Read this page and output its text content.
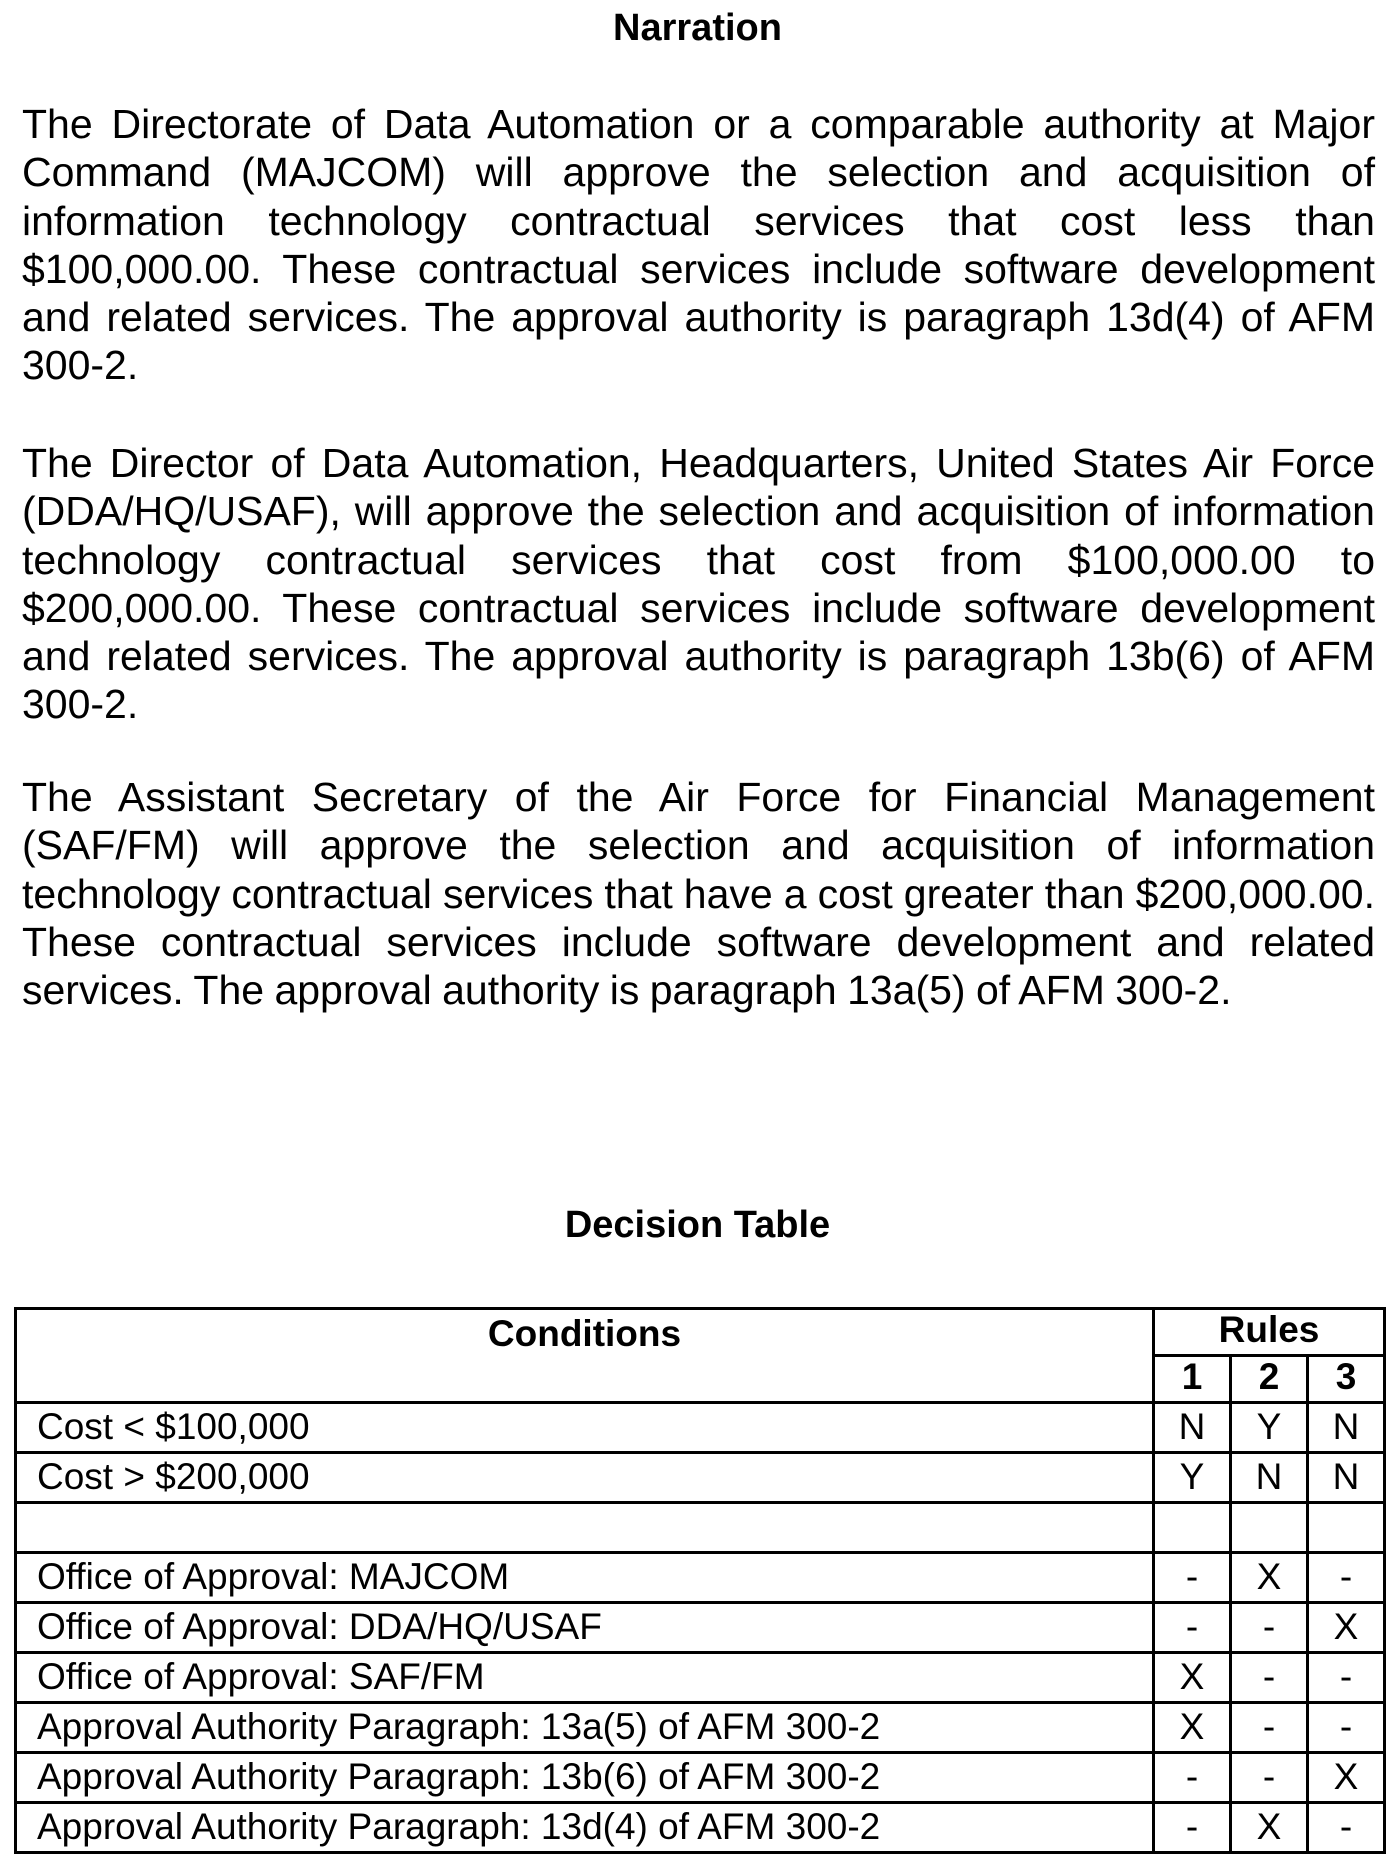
Narration

The Directorate of Data Automation or a comparable authority at Major Command (MAJCOM) will approve the selection and acquisition of information technology contractual services that cost less than $100,000.00. These contractual services include software development and related services. The approval authority is paragraph 13d(4) of AFM 300-2.

The Director of Data Automation, Headquarters, United States Air Force (DDA/HQ/USAF), will approve the selection and acquisition of information technology contractual services that cost from $100,000.00 to $200,000.00. These contractual services include software development and related services. The approval authority is paragraph 13b(6) of AFM 300-2.

The Assistant Secretary of the Air Force for Financial Management (SAF/FM) will approve the selection and acquisition of information technology contractual services that have a cost greater than $200,000.00. These contractual services include software development and related services. The approval authority is paragraph 13a(5) of AFM 300-2.

Decision Table
Conditions	Rules		
	1	2	3
Cost < $100,000	N	Y	N
Cost > $200,000	Y	N	N

Office of Approval: MAJCOM	-	X	-
Office of Approval: DDA/HQ/USAF	-	-	X
Office of Approval: SAF/FM	X	-	-
Approval Authority Paragraph: 13a(5) of AFM 300-2	X	-	-
Approval Authority Paragraph: 13b(6) of AFM 300-2	-	-	X
Approval Authority Paragraph: 13d(4) of AFM 300-2	-	X	-
